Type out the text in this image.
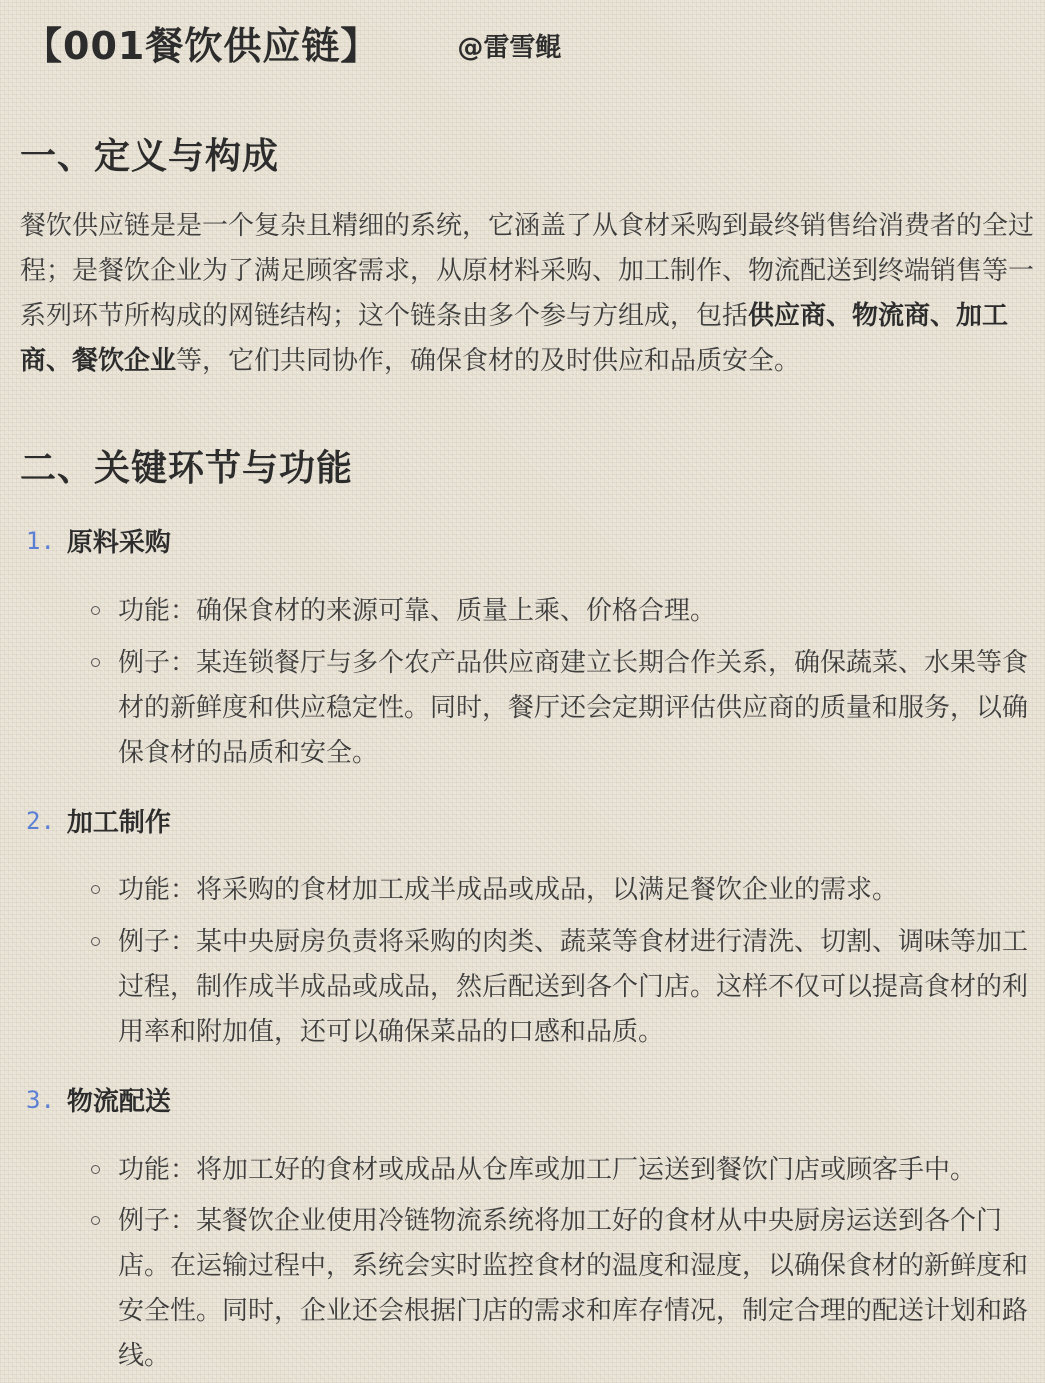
【001餐饮供应链】	@雷雪鲲
一、定义与构成

餐饮供应链是是一个复杂且精细的系统，它涵盖了从食材采购到最终销售给消费者的全过程；是餐饮企业为了满足顾客需求，从原材料采购、加工制作、物流配送到终端销售等一系列环节所构成的网链结构；这个链条由多个参与方组成，包括供应商、物流商、加工商、餐饮企业等，它们共同协作，确保食材的及时供应和品质安全。

二、关键环节与功能
1. 原料采购
功能：确保食材的来源可靠、质量上乘、价格合理。
例子：某连锁餐厅与多个农产品供应商建立长期合作关系，确保蔬菜、水果等食材的新鲜度和供应稳定性。同时，餐厅还会定期评估供应商的质量和服务，以确保食材的品质和安全。
2. 加工制作
功能：将采购的食材加工成半成品或成品，以满足餐饮企业的需求。
例子：某中央厨房负责将采购的肉类、蔬菜等食材进行清洗、切割、调味等加工过程，制作成半成品或成品，然后配送到各个门店。这样不仅可以提高食材的利用率和附加值，还可以确保菜品的口感和品质。
3. 物流配送
功能：将加工好的食材或成品从仓库或加工厂运送到餐饮门店或顾客手中。
例子：某餐饮企业使用冷链物流系统将加工好的食材从中央厨房运送到各个门店。在运输过程中，系统会实时监控食材的温度和湿度，以确保食材的新鲜度和安全性。同时，企业还会根据门店的需求和库存情况，制定合理的配送计划和路线。
